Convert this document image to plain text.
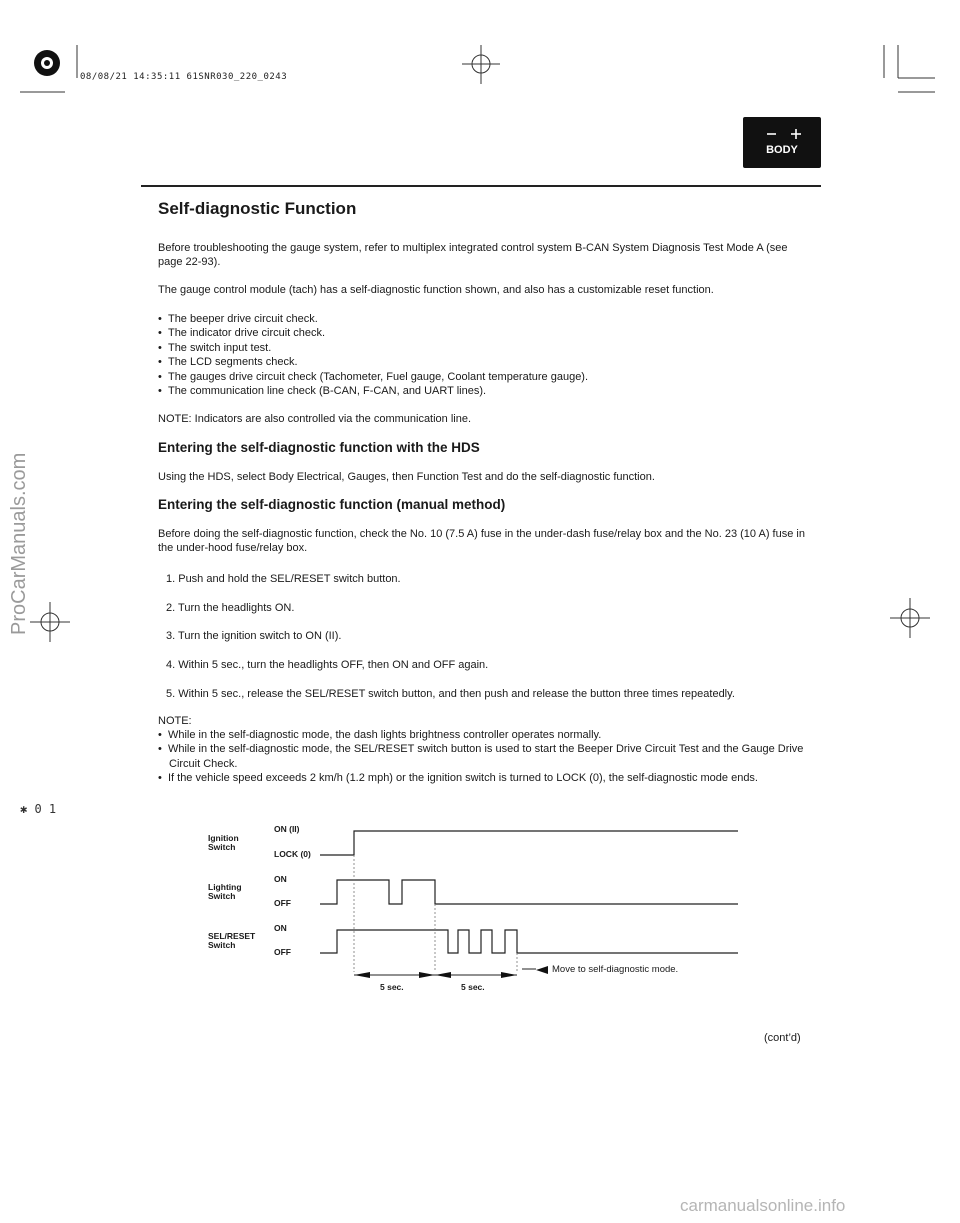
08/08/21 14:35:11 61SNR030_220_0243
ProCarManuals.com
✱ 0 1
BODY
Self-diagnostic Function
Before troubleshooting the gauge system, refer to multiplex integrated control system B-CAN System Diagnosis Test Mode A (see page 22-93).
The gauge control module (tach) has a self-diagnostic function shown, and also has a customizable reset function.
•  The beeper drive circuit check.
•  The indicator drive circuit check.
•  The switch input test.
•  The LCD segments check.
•  The gauges drive circuit check (Tachometer, Fuel gauge, Coolant temperature gauge).
•  The communication line check (B-CAN, F-CAN, and UART lines).
NOTE: Indicators are also controlled via the communication line.
Entering the self-diagnostic function with the HDS
Using the HDS, select Body Electrical, Gauges, then Function Test and do the self-diagnostic function.
Entering the self-diagnostic function (manual method)
Before doing the self-diagnostic function, check the No. 10 (7.5 A) fuse in the under-dash fuse/relay box and the No. 23 (10 A) fuse in the under-hood fuse/relay box.
1. Push and hold the SEL/RESET switch button.
2. Turn the headlights ON.
3. Turn the ignition switch to ON (II).
4. Within 5 sec., turn the headlights OFF, then ON and OFF again.
5. Within 5 sec., release the SEL/RESET switch button, and then push and release the button three times repeatedly.
NOTE:
•  While in the self-diagnostic mode, the dash lights brightness controller operates normally.
•  While in the self-diagnostic mode, the SEL/RESET switch button is used to start the Beeper Drive Circuit Test and the Gauge Drive Circuit Check.
•  If the vehicle speed exceeds 2 km/h (1.2 mph) or the ignition switch is turned to LOCK (0), the self-diagnostic mode ends.
Ignition
Switch
ON (II)
LOCK (0)
Lighting
Switch
ON
OFF
SEL/RESET
Switch
ON
OFF
5 sec.	5 sec.
Move to self-diagnostic mode.
(cont’d)
carmanualsonline.info
